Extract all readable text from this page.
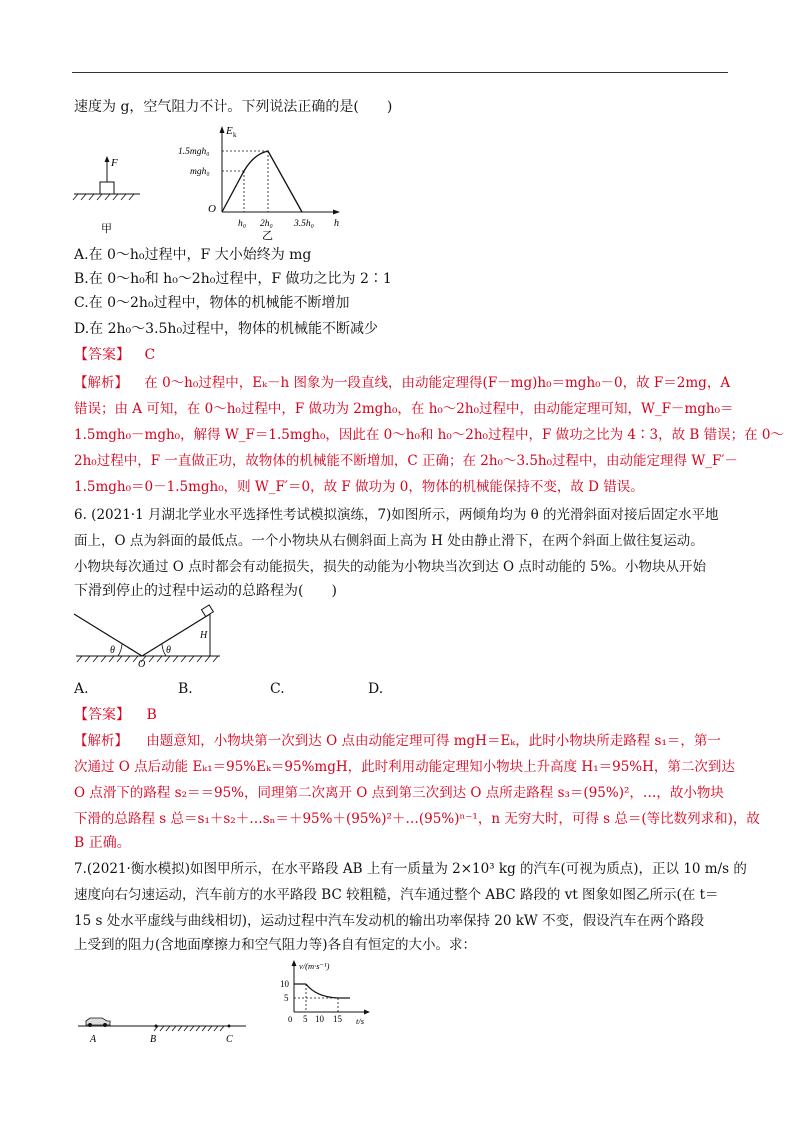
速度为 g，空气阻力不计。下列说法正确的是(　　)
F
甲
E k
1.5mgh₀
mgh₀
O
h₀ 2h₀ 3.5h₀ h
乙
A.在 0～h₀过程中，F 大小始终为 mg
B.在 0～h₀和 h₀～2h₀过程中，F 做功之比为 2∶1
C.在 0～2h₀过程中，物体的机械能不断增加
D.在 2h₀～3.5h₀过程中，物体的机械能不断减少
【答案】 C
【解析】 在 0～h₀过程中，Eₖ－h 图象为一段直线，由动能定理得(F－mg)h₀＝mgh₀－0，故 F＝2mg，A
错误；由 A 可知，在 0～h₀过程中，F 做功为 2mgh₀，在 h₀～2h₀过程中，由动能定理可知，W_F－mgh₀＝
1.5mgh₀－mgh₀，解得 W_F＝1.5mgh₀，因此在 0～h₀和 h₀～2h₀过程中，F 做功之比为 4∶3，故 B 错误；在 0～
2h₀过程中，F 一直做正功，故物体的机械能不断增加，C 正确；在 2h₀～3.5h₀过程中，由动能定理得 W_F′－
1.5mgh₀＝0－1.5mgh₀，则 W_F′＝0，故 F 做功为 0，物体的机械能保持不变，故 D 错误。
6. (2021·1 月湖北学业水平选择性考试模拟演练，7)如图所示，两倾角均为 θ 的光滑斜面对接后固定水平地
面上，O 点为斜面的最低点。一个小物块从右侧斜面上高为 H 处由静止滑下，在两个斜面上做往复运动。
小物块每次通过 O 点时都会有动能损失，损失的动能为小物块当次到达 O 点时动能的 5%。小物块从开始
下滑到停止的过程中运动的总路程为(　　)
θ	θ
O
H
A.	B.	C.	D.
【答案】 B
【解析】 由题意知，小物块第一次到达 O 点由动能定理可得 mgH＝Eₖ，此时小物块所走路程 s₁＝，第一
次通过 O 点后动能 Eₖ₁＝95%Eₖ＝95%mgH，此时利用动能定理知小物块上升高度 H₁＝95%H，第二次到达
O 点滑下的路程 s₂＝＝95%，同理第二次离开 O 点到第三次到达 O 点所走路程 s₃＝(95%)²，…，故小物块
下滑的总路程 s 总＝s₁＋s₂＋…sₙ＝＋95%＋(95%)²＋…(95%)ⁿ⁻¹，n 无穷大时，可得 s 总＝(等比数列求和)，故
B 正确。
7.(2021·衡水模拟)如图甲所示，在水平路段 AB 上有一质量为 2×10³ kg 的汽车(可视为质点)，正以 10 m/s 的
速度向右匀速运动，汽车前方的水平路段 BC 较粗糙，汽车通过整个 ABC 路段的 vt 图象如图乙所示(在 t＝
15 s 处水平虚线与曲线相切)，运动过程中汽车发动机的输出功率保持 20 kW 不变，假设汽车在两个路段
上受到的阻力(含地面摩擦力和空气阻力等)各自有恒定的大小。求：
A	B	C
v/(m·s⁻¹)
10
5
0 5 10 15 t/s
